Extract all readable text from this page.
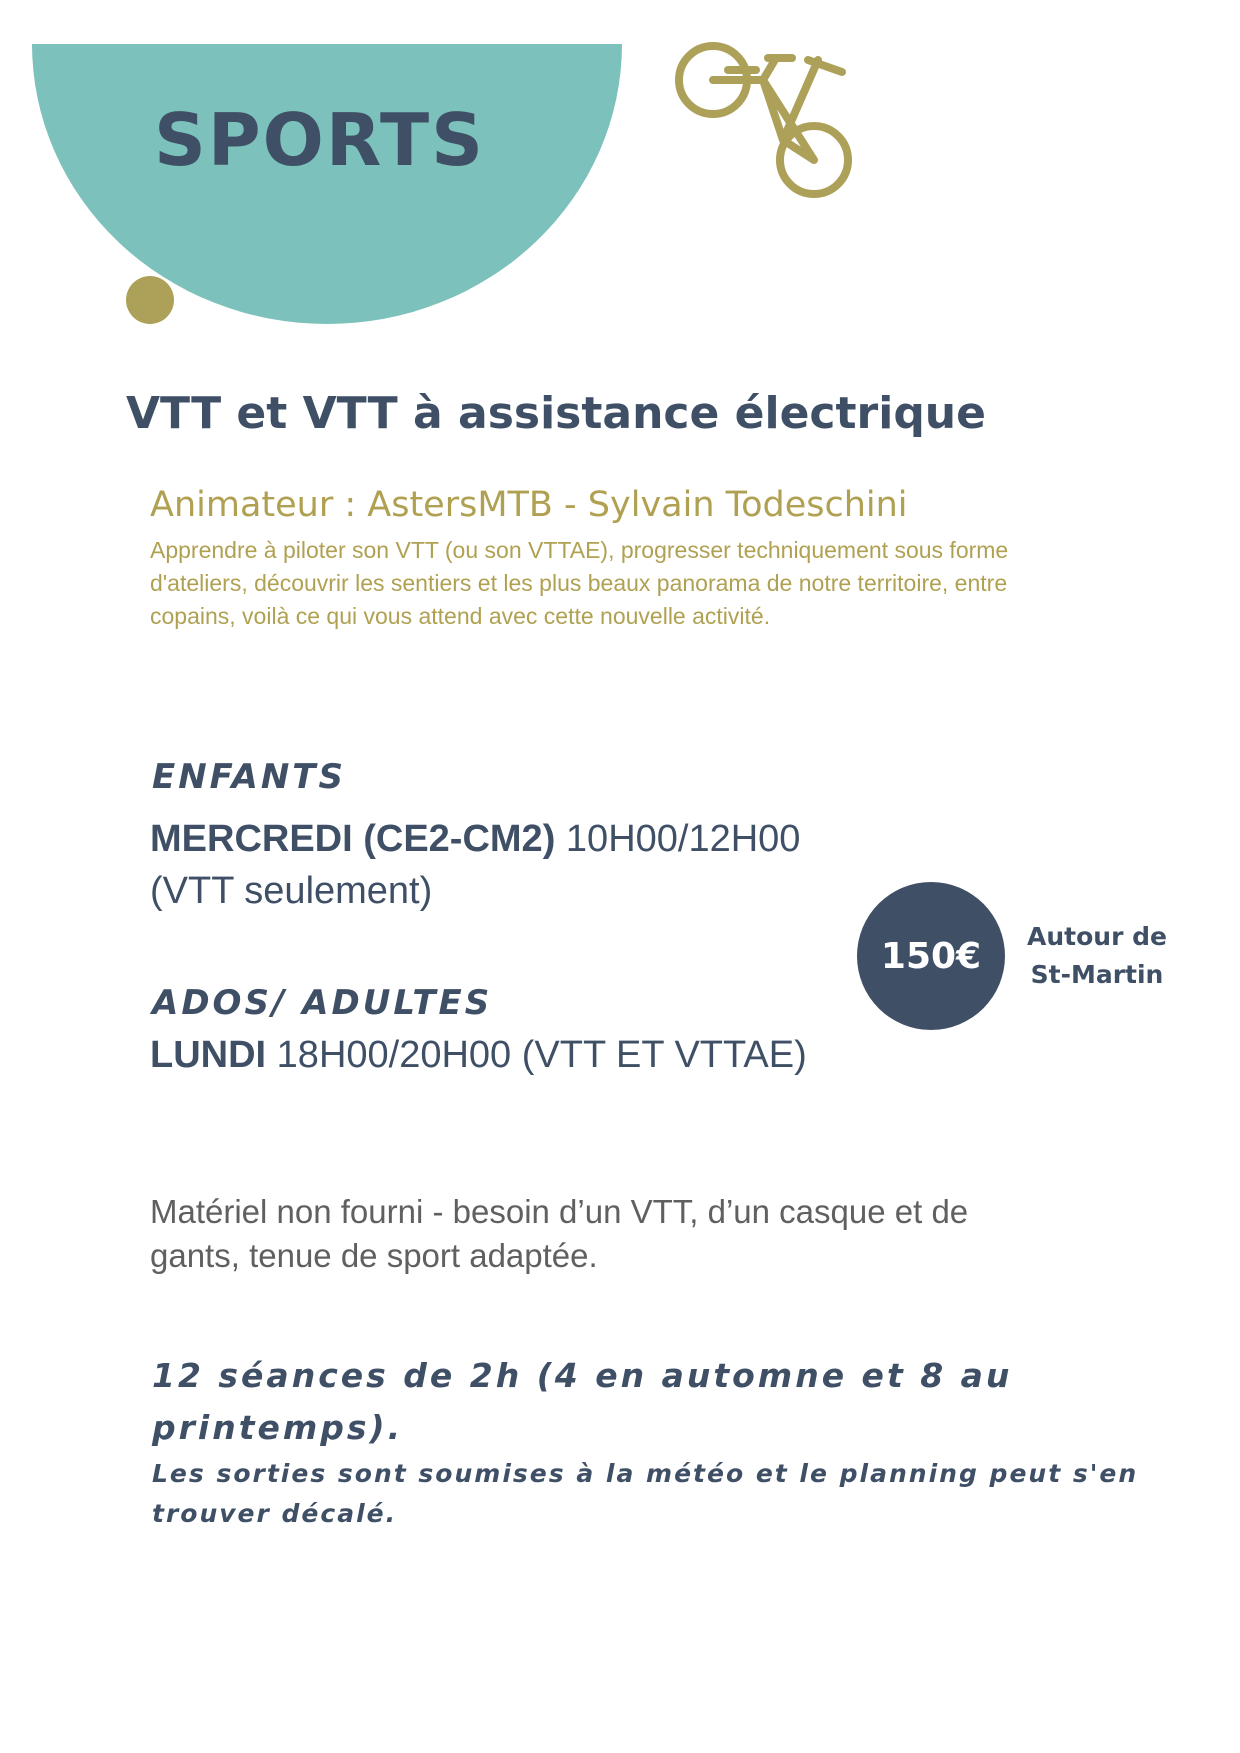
SPORTS
VTT et VTT à assistance électrique

Animateur : AstersMTB - Sylvain Todeschini

Apprendre à piloter son VTT (ou son VTTAE), progresser techniquement sous forme d'ateliers, découvrir les sentiers et les plus beaux panorama de notre territoire, entre copains, voilà ce qui vous attend avec cette nouvelle activité.

ENFANTS

MERCREDI (CE2-CM2) 10H00/12H00

(VTT seulement)

ADOS/ ADULTES

LUNDI 18H00/20H00 (VTT ET VTTAE)

150€	Autour de
St-Martin

Matériel non fourni - besoin d’un VTT, d’un casque et de gants, tenue de sport adaptée.

12 séances de 2h (4 en automne et 8 au printemps).

Les sorties sont soumises à la météo et le planning peut s'en trouver décalé.
